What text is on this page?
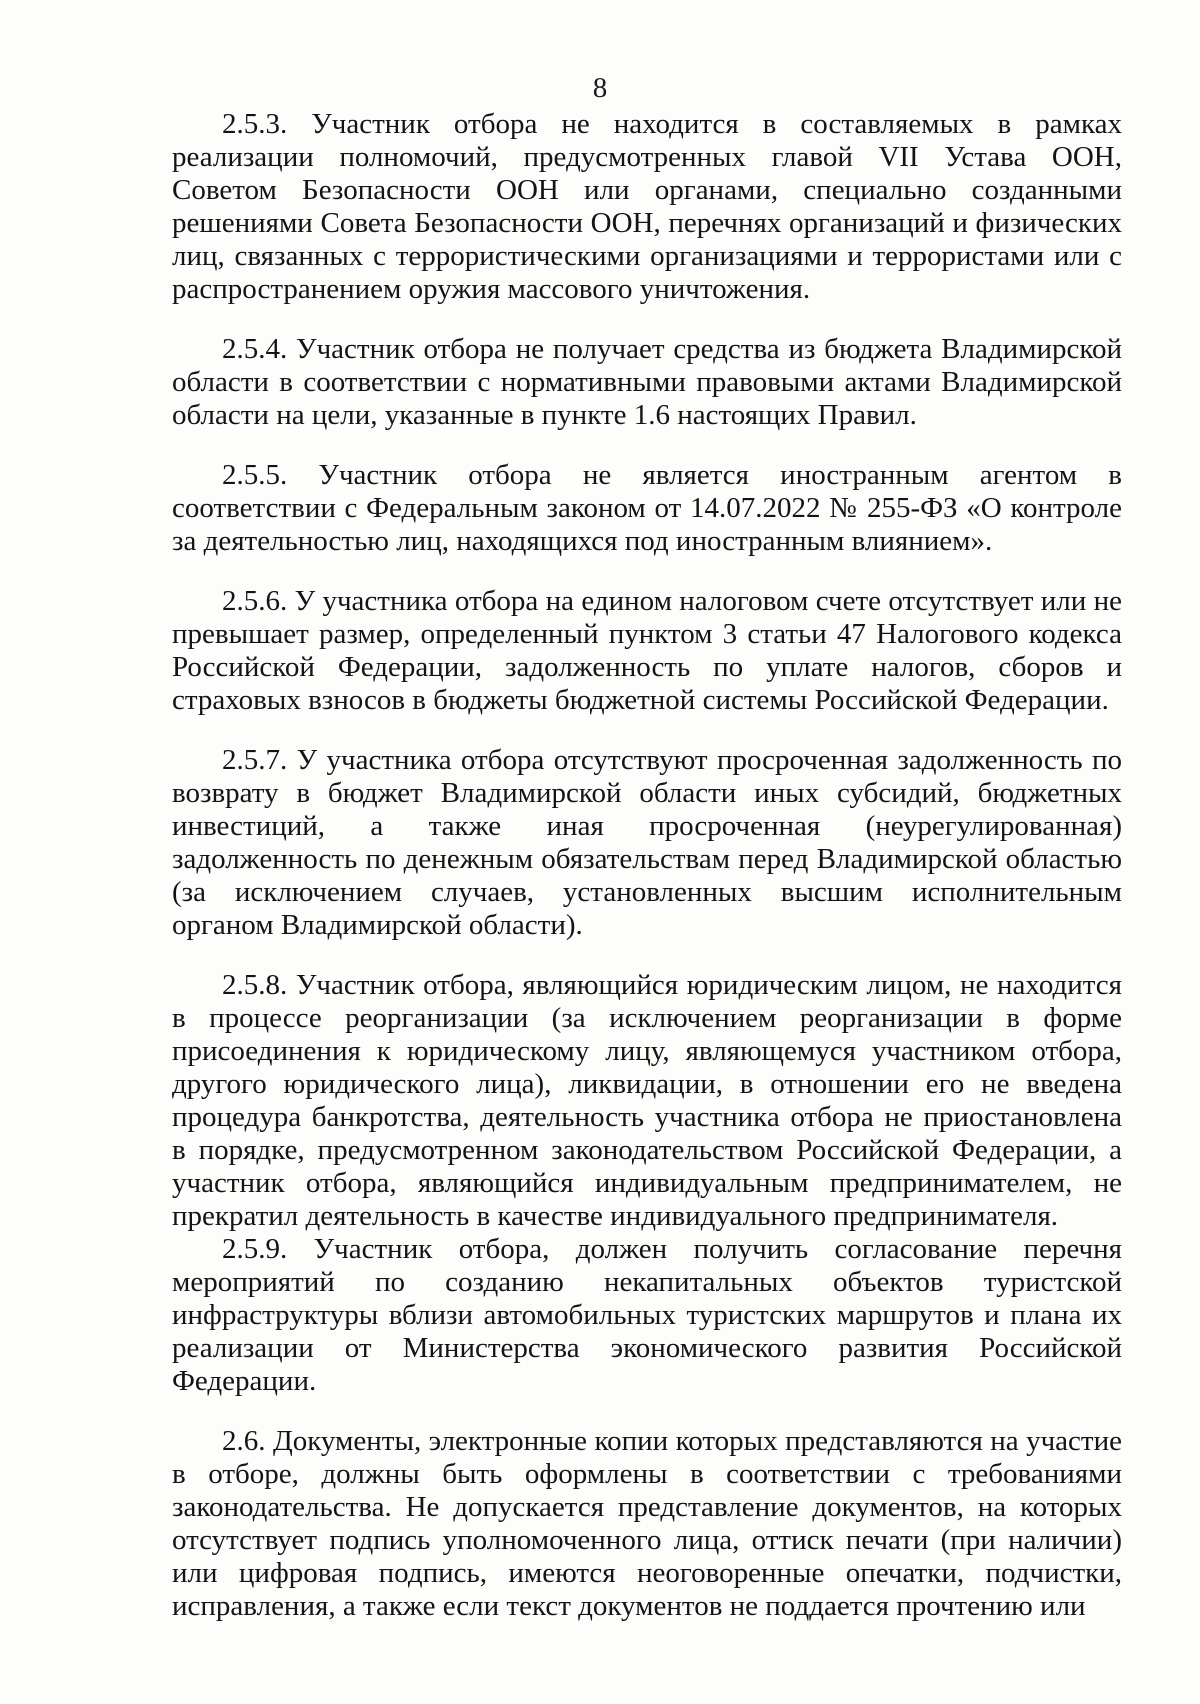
8

2.5.3. Участник отбора не находится в составляемых в рамках реализации полномочий, предусмотренных главой VII Устава ООН, Советом Безопасности ООН или органами, специально созданными решениями Совета Безопасности ООН, перечнях организаций и физических лиц, связанных с террористическими организациями и террористами или с распространением оружия массового уничтожения.

2.5.4. Участник отбора не получает средства из бюджета Владимирской области в соответствии с нормативными правовыми актами Владимирской области на цели, указанные в пункте 1.6 настоящих Правил.

2.5.5. Участник отбора не является иностранным агентом в соответствии с Федеральным законом от 14.07.2022 № 255-ФЗ «О контроле за деятельностью лиц, находящихся под иностранным влиянием».

2.5.6. У участника отбора на едином налоговом счете отсутствует или не превышает размер, определенный пунктом 3 статьи 47 Налогового кодекса Российской Федерации, задолженность по уплате налогов, сборов и страховых взносов в бюджеты бюджетной системы Российской Федерации.

2.5.7. У участника отбора отсутствуют просроченная задолженность по возврату в бюджет Владимирской области иных субсидий, бюджетных инвестиций, а также иная просроченная (неурегулированная) задолженность по денежным обязательствам перед Владимирской областью (за исключением случаев, установленных высшим исполнительным органом Владимирской области).

2.5.8. Участник отбора, являющийся юридическим лицом, не находится в процессе реорганизации (за исключением реорганизации в форме присоединения к юридическому лицу, являющемуся участником отбора, другого юридического лица), ликвидации, в отношении его не введена процедура банкротства, деятельность участника отбора не приостановлена в порядке, предусмотренном законодательством Российской Федерации, а участник отбора, являющийся индивидуальным предпринимателем, не прекратил деятельность в качестве индивидуального предпринимателя.

2.5.9. Участник отбора, должен получить согласование перечня мероприятий по созданию некапитальных объектов туристской инфраструктуры вблизи автомобильных туристских маршрутов и плана их реализации от Министерства экономического развития Российской Федерации.

2.6. Документы, электронные копии которых представляются на участие в отборе, должны быть оформлены в соответствии с требованиями законодательства. Не допускается представление документов, на которых отсутствует подпись уполномоченного лица, оттиск печати (при наличии) или цифровая подпись, имеются неоговоренные опечатки, подчистки, исправления, а также если текст документов не поддается прочтению или
